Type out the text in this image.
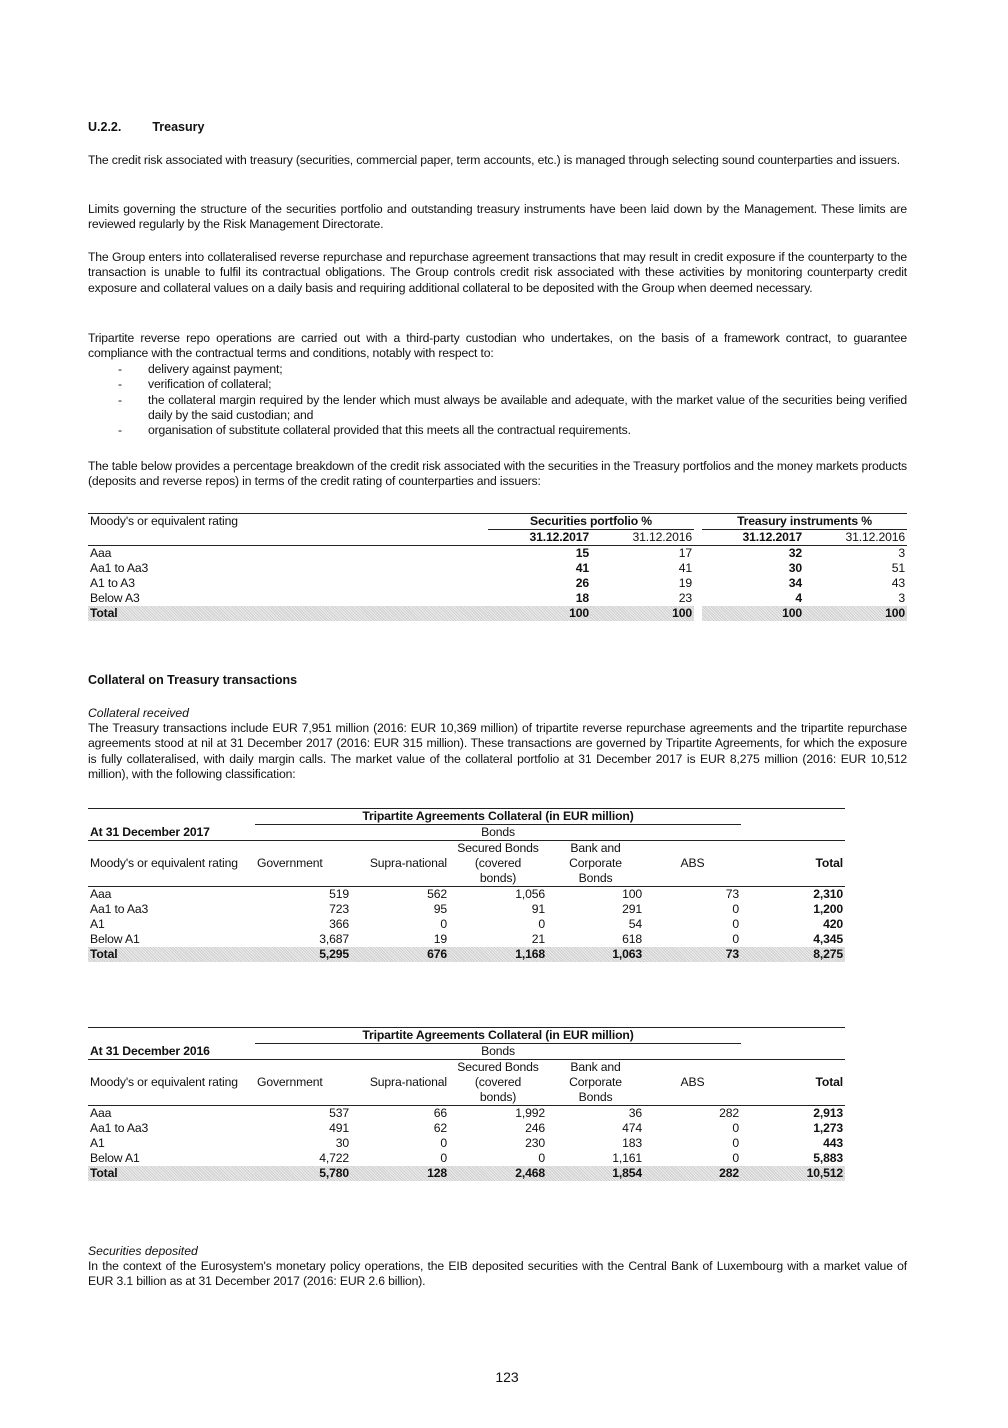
U.2.2. Treasury

The credit risk associated with treasury (securities, commercial paper, term accounts, etc.) is managed through selecting sound counterparties and issuers.

Limits governing the structure of the securities portfolio and outstanding treasury instruments have been laid down by the Management. These limits are reviewed regularly by the Risk Management Directorate.

The Group enters into collateralised reverse repurchase and repurchase agreement transactions that may result in credit exposure if the counterparty to the transaction is unable to fulfil its contractual obligations. The Group controls credit risk associated with these activities by monitoring counterparty credit exposure and collateral values on a daily basis and requiring additional collateral to be deposited with the Group when deemed necessary.

Tripartite reverse repo operations are carried out with a third-party custodian who undertakes, on the basis of a framework contract, to guarantee compliance with the contractual terms and conditions, notably with respect to:

- delivery against payment;
- verification of collateral;
- the collateral margin required by the lender which must always be available and adequate, with the market value of the securities being verified daily by the said custodian; and
- organisation of substitute collateral provided that this meets all the contractual requirements.

The table below provides a percentage breakdown of the credit risk associated with the securities in the Treasury portfolios and the money markets products (deposits and reverse repos) in terms of the credit rating of counterparties and issuers:

Moody's or equivalent rating	Securities portfolio %			Treasury instruments %	
	31.12.2017	31.12.2016		31.12.2017	31.12.2016
Aaa	15	17		32	3
Aa1 to Aa3	41	41		30	51
A1 to A3	26	19		34	43
Below A3	18	23		4	3
Total	100	100		100	100
Collateral on Treasury transactions
Collateral received

The Treasury transactions include EUR 7,951 million (2016: EUR 10,369 million) of tripartite reverse repurchase agreements and the tripartite repurchase agreements stood at nil at 31 December 2017 (2016: EUR 315 million). These transactions are governed by Tripartite Agreements, for which the exposure is fully collateralised, with daily margin calls. The market value of the collateral portfolio at 31 December 2017 is EUR 8,275 million (2016: EUR 10,512 million), with the following classification:

	Tripartite Agreements Collateral (in EUR million)					
At 31 December 2017	Bonds					
Moody's or equivalent rating	Government	Supra-national	Secured Bonds (covered bonds)	Bank and Corporate Bonds	ABS	Total
Aaa	519	562	1,056	100	73	2,310
Aa1 to Aa3	723	95	91	291	0	1,200
A1	366	0	0	54	0	420
Below A1	3,687	19	21	618	0	4,345
Total	5,295	676	1,168	1,063	73	8,275
	Tripartite Agreements Collateral (in EUR million)					
At 31 December 2016	Bonds					
Moody's or equivalent rating	Government	Supra-national	Secured Bonds (covered bonds)	Bank and Corporate Bonds	ABS	Total
Aaa	537	66	1,992	36	282	2,913
Aa1 to Aa3	491	62	246	474	0	1,273
A1	30	0	230	183	0	443
Below A1	4,722	0	0	1,161	0	5,883
Total	5,780	128	2,468	1,854	282	10,512
Securities deposited

In the context of the Eurosystem's monetary policy operations, the EIB deposited securities with the Central Bank of Luxembourg with a market value of EUR 3.1 billion as at 31 December 2017 (2016: EUR 2.6 billion).

123
